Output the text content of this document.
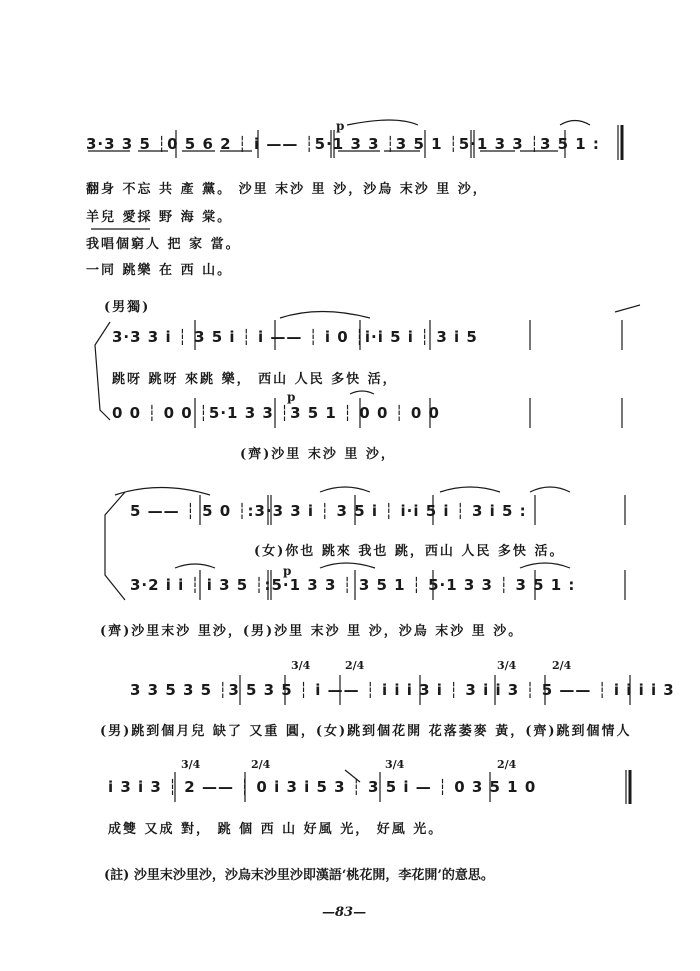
3·3 3 5 ┆0 5 6 2 ┆ i —— ┆5·1 3 3 ┆3 5 1 ┆5·1 3 3 ┆3 5 1 :
p
翻身 不忘 共 產 黨。 沙里 末沙 里 沙，沙烏 末沙 里 沙，
羊兒 愛採 野 海 棠。
我唱個窮人 把 家 當。
一同 跳樂 在 西 山。
(男獨)
3·3 3 i ┆ 3 5 i ┆ i —— ┆ i 0 ┆i·i 5 i ┆ 3 i 5
跳呀 跳呀 來跳 樂， 西山 人民 多快 活，
0 0 ┆ 0 0 ┆5·1 3 3 ┆3 5 1 ┆ 0 0 ┆ 0 0
p
(齊)沙里 末沙 里 沙，
5 —— ┆ 5 0 ┆:3·3 3 i ┆ 3 5 i ┆ i·i 5 i ┆ 3 i 5 :
(女)你也 跳來 我也 跳，西山 人民 多快 活。
3·2 i i ┆ i 3 5 ┆:5·1 3 3 ┆ 3 5 1 ┆ 5·1 3 3 ┆ 3 5 1 :
p
(齊)沙里末沙 里沙，(男)沙里 末沙 里 沙，沙烏 末沙 里 沙。
3 3 5 3 5 ┆3 5 3 5 ┆ i —— ┆ i i i 3 i ┆ 3 i i 3 ┆ 5 —— ┆ i i i i 3
3/4	2/4	3/4	2/4
(男)跳到個月兒 缺了 又重 圓，(女)跳到個花開 花落萎麥 黃，(齊)跳到個情人
i 3 i 3 ┆ 2 —— ┆ 0 i 3 i 5 3 ┆ 3 5 i — ┆ 0 3 5 1 0
3/4	2/4	3/4	2/4
成雙 又成 對， 跳 個 西 山 好風 光， 好風 光。
(註) 沙里末沙里沙，沙烏末沙里沙即漢語‘桃花開，李花開’的意思。
—83—
